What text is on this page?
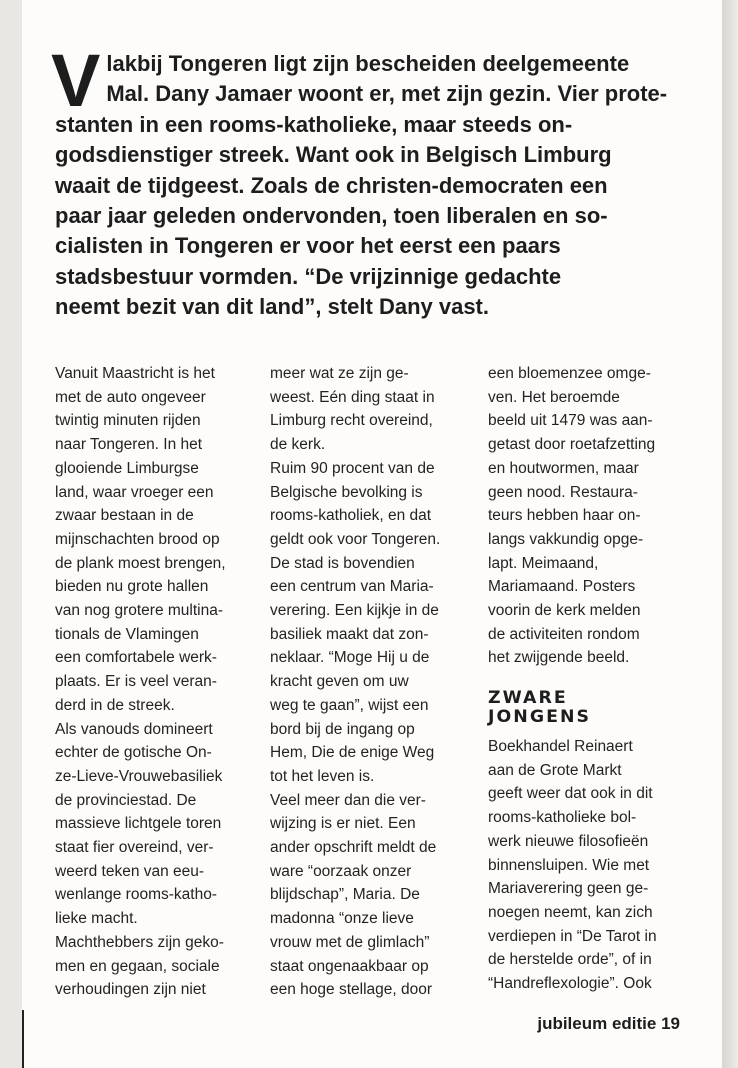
V lakbij Tongeren ligt zijn bescheiden deelgemeente
Mal. Dany Jamaer woont er, met zijn gezin. Vier prote-
stanten in een rooms-katholieke, maar steeds on-
godsdienstiger streek. Want ook in Belgisch Limburg
waait de tijdgeest. Zoals de christen-democraten een
paar jaar geleden ondervonden, toen liberalen en so-
cialisten in Tongeren er voor het eerst een paars
stadsbestuur vormden. “De vrijzinnige gedachte
neemt bezit van dit land”, stelt Dany vast.
Vanuit Maastricht is het
met de auto ongeveer
twintig minuten rijden
naar Tongeren. In het
glooiende Limburgse
land, waar vroeger een
zwaar bestaan in de
mijnschachten brood op
de plank moest brengen,
bieden nu grote hallen
van nog grotere multina-
tionals de Vlamingen
een comfortabele werk-
plaats. Er is veel veran-
derd in de streek.
Als vanouds domineert
echter de gotische On-
ze-Lieve-Vrouwebasiliek
de provinciestad. De
massieve lichtgele toren
staat fier overeind, ver-
weerd teken van eeu-
wenlange rooms-katho-
lieke macht.
Machthebbers zijn geko-
men en gegaan, sociale
verhoudingen zijn niet
meer wat ze zijn ge-
weest. Eén ding staat in
Limburg recht overeind,
de kerk.
Ruim 90 procent van de
Belgische bevolking is
rooms-katholiek, en dat
geldt ook voor Tongeren.
De stad is bovendien
een centrum van Maria-
verering. Een kijkje in de
basiliek maakt dat zon-
neklaar. “Moge Hij u de
kracht geven om uw
weg te gaan”, wijst een
bord bij de ingang op
Hem, Die de enige Weg
tot het leven is.
Veel meer dan die ver-
wijzing is er niet. Een
ander opschrift meldt de
ware “oorzaak onzer
blijdschap”, Maria. De
madonna “onze lieve
vrouw met de glimlach”
staat ongenaakbaar op
een hoge stellage, door
een bloemenzee omge-
ven. Het beroemde
beeld uit 1479 was aan-
getast door roetafzetting
en houtwormen, maar
geen nood. Restaura-
teurs hebben haar on-
langs vakkundig opge-
lapt. Meimaand,
Mariamaand. Posters
voorin de kerk melden
de activiteiten rondom
het zwijgende beeld.
ZWARE
JONGENS
Boekhandel Reinaert
aan de Grote Markt
geeft weer dat ook in dit
rooms-katholieke bol-
werk nieuwe filosofieën
binnensluipen. Wie met
Mariaverering geen ge-
noegen neemt, kan zich
verdiepen in “De Tarot in
de herstelde orde”, of in
“Handreflexologie”. Ook
jubileum editie 19
